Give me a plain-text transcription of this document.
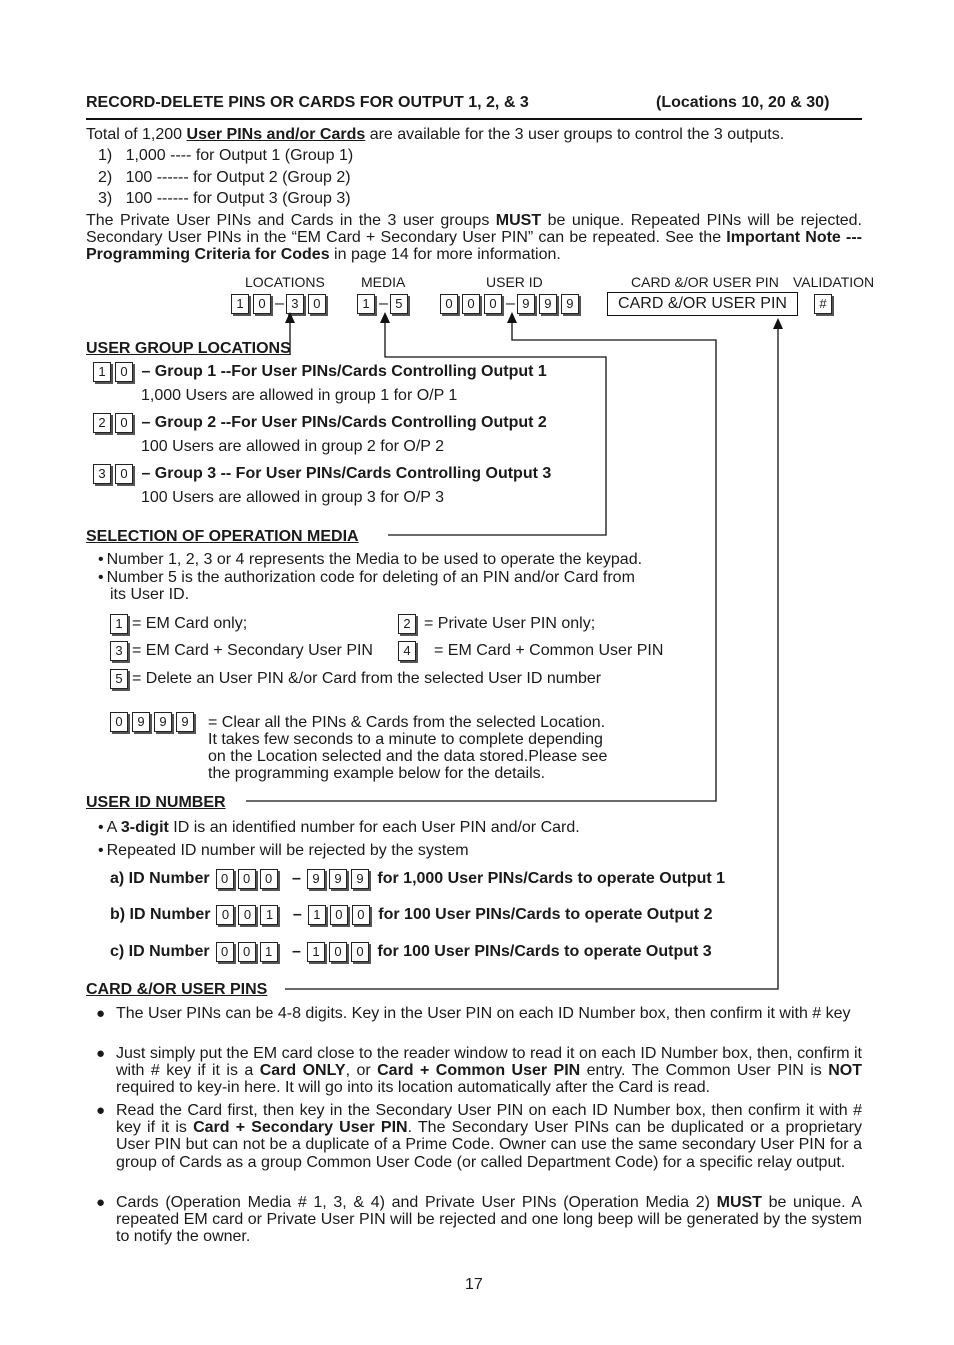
RECORD-DELETE PINS OR CARDS FOR OUTPUT 1, 2, & 3	(Locations 10, 20 & 30)
Total of 1,200 User PINs and/or Cards are available for the 3 user groups to control the 3 outputs.
1) 1,000 ---- for Output 1 (Group 1)
2) 100 ------ for Output 2 (Group 2)
3) 100 ------ for Output 3 (Group 3)
The Private User PINs and Cards in the 3 user groups MUST be unique. Repeated PINs will be rejected. Secondary User PINs in the “EM Card + Secondary User PIN” can be repeated. See the Important Note --- Programming Criteria for Codes in page 14 for more information.
LOCATIONS	MEDIA	USER ID	CARD &/OR USER PIN VALIDATION
1 0 – 3 0	1 – 5	0 0 0 – 9 9 9	CARD &/OR USER PIN	#
USER GROUP LOCATIONS
1 0 – Group 1 --For User PINs/Cards Controlling Output 1
1,000 Users are allowed in group 1 for O/P 1
2 0 – Group 2 --For User PINs/Cards Controlling Output 2
100 Users are allowed in group 2 for O/P 2
3 0 – Group 3 -- For User PINs/Cards Controlling Output 3
100 Users are allowed in group 3 for O/P 3
SELECTION OF OPERATION MEDIA
• Number 1, 2, 3 or 4 represents the Media to be used to operate the keypad.
• Number 5 is the authorization code for deleting of an PIN and/or Card from
its User ID.
1 = EM Card only;	2 = Private User PIN only;
3 = EM Card + Secondary User PIN	4 = EM Card + Common User PIN
5 = Delete an User PIN &/or Card from the selected User ID number
0 9 9 9	= Clear all the PINs & Cards from the selected Location.
It takes few seconds to a minute to complete depending
on the Location selected and the data stored.Please see
the programming example below for the details.
USER ID NUMBER
• A 3-digit ID is an identified number for each User PIN and/or Card.
• Repeated ID number will be rejected by the system
a) ID Number 0 0 0 – 9 9 9 for 1,000 User PINs/Cards to operate Output 1
b) ID Number 0 0 1 – 1 0 0 for 100 User PINs/Cards to operate Output 2
c) ID Number 0 0 1 – 1 0 0 for 100 User PINs/Cards to operate Output 3
CARD &/OR USER PINS
● The User PINs can be 4-8 digits. Key in the User PIN on each ID Number box, then confirm it with # key
● Just simply put the EM card close to the reader window to read it on each ID Number box, then, confirm it with # key if it is a Card ONLY, or Card + Common User PIN entry. The Common User PIN is NOT required to key-in here. It will go into its location automatically after the Card is read.
● Read the Card first, then key in the Secondary User PIN on each ID Number box, then confirm it with # key if it is Card + Secondary User PIN. The Secondary User PINs can be duplicated or a proprietary User PIN but can not be a duplicate of a Prime Code. Owner can use the same secondary User PIN for a group of Cards as a group Common User Code (or called Department Code) for a specific relay output.
● Cards (Operation Media # 1, 3, & 4) and Private User PINs (Operation Media 2) MUST be unique. A repeated EM card or Private User PIN will be rejected and one long beep will be generated by the system to notify the owner.
17
